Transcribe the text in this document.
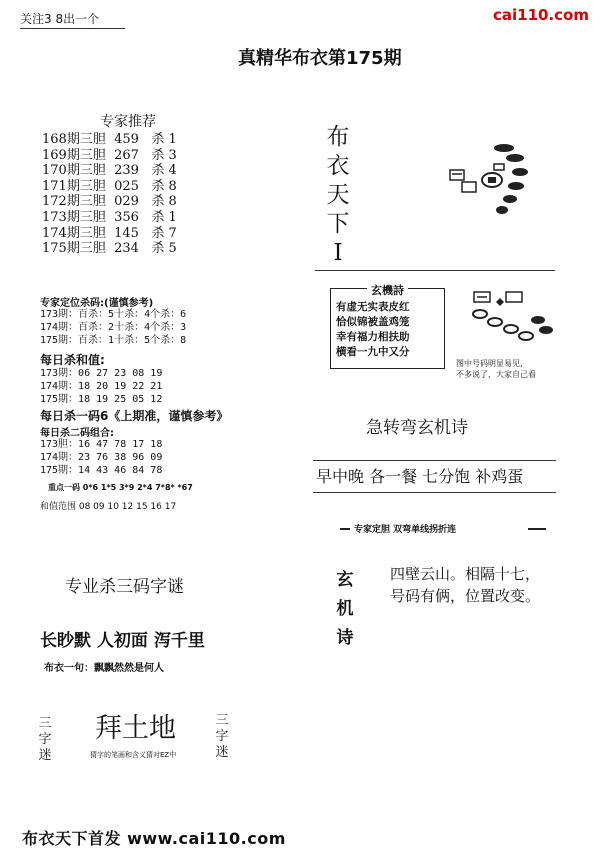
关注3 8出一个	cai110.com
真精华布衣第175期
专家推荐
168期三胆 459 杀 1
169期三胆 267 杀 3
170期三胆 239 杀 4
171期三胆 025 杀 8
172期三胆 029 杀 8
173期三胆 356 杀 1
174期三胆 145 杀 7
175期三胆 234 杀 5
专家定位杀码:(谨慎参考)
173期：百杀：5十杀：4个杀：6
174期：百杀：2十杀：4个杀：3
175期：百杀：1十杀：5个杀：8
每日杀和值:
173期：06 27 23 08 19
174期：18 20 19 22 21
175期：18 19 25 05 12
每日杀一码6《上期准，谨慎参考》
每日杀二码组合:
173胆：16 47 78 17 18
174期：23 76 38 96 09
175期：14 43 46 84 78
重点一码 0*6 1*5 3*9 2*4 7*8* *67
和值范围 08 09 10 12 15 16 17
专业杀三码字谜
长眇默 人初面 泻千里
布衣一句：飘飘然然是何人
三字迷
拜土地
猜字的笔画和含义猜对EZ中
三字迷
布衣天下Ⅰ
玄機詩
有虚无实表皮红
恰似锦被盖鸡笼
幸有福力相扶助
横看一九中又分
图中号码明显易见，
不多说了，大家自己看
急转弯玄机诗
早中晚 各一餐 七分饱 补鸡蛋
专家定胆 双弯单线拐折连
玄机诗
四壁云山。相隔十七，
号码有俩，位置改变。
布衣天下首发 www.cai110.com
